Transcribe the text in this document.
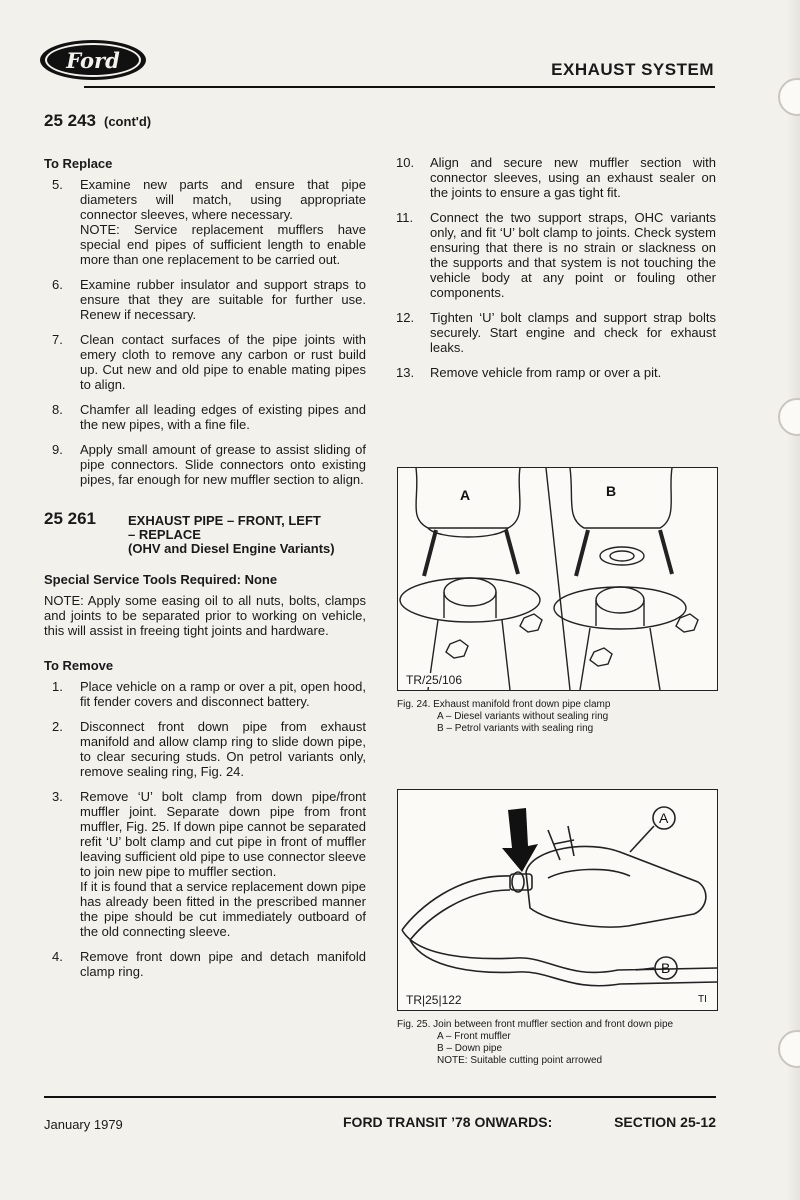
Ford	EXHAUST SYSTEM
25 243 (cont'd)
To Replace
5.	Examine new parts and ensure that pipe diameters will match, using appropriate connector sleeves, where necessary.

NOTE: Service replacement mufflers have special end pipes of sufficient length to enable more than one replacement to be carried out.

6.	Examine rubber insulator and support straps to ensure that they are suitable for further use. Renew if necessary.

7.	Clean contact surfaces of the pipe joints with emery cloth to remove any carbon or rust build up. Cut new and old pipe to enable mating pipes to align.

8.	Chamfer all leading edges of existing pipes and the new pipes, with a fine file.

9.	Apply small amount of grease to assist sliding of pipe connectors. Slide connectors onto existing pipes, far enough for new muffler section to align.

25 261	EXHAUST PIPE – FRONT, LEFT
– REPLACE
(OHV and Diesel Engine Variants)
Special Service Tools Required: None
NOTE: Apply some easing oil to all nuts, bolts, clamps and joints to be separated prior to working on vehicle, this will assist in freeing tight joints and hardware.
To Remove
1.	Place vehicle on a ramp or over a pit, open hood, fit fender covers and disconnect battery.

2.	Disconnect front down pipe from exhaust manifold and allow clamp ring to slide down pipe, to clear securing studs. On petrol variants only, remove sealing ring, Fig. 24.

3.	Remove ‘U’ bolt clamp from down pipe/front muffler joint. Separate down pipe from front muffler, Fig. 25. If down pipe cannot be separated refit ‘U’ bolt clamp and cut pipe in front of muffler leaving sufficient old pipe to use connector sleeve to join new pipe to muffler section.

If it is found that a service replacement down pipe has already been fitted in the prescribed manner the pipe should be cut immediately outboard of the old connecting sleeve.

4.	Remove front down pipe and detach manifold clamp ring.

10.	Align and secure new muffler section with connector sleeves, using an exhaust sealer on the joints to ensure a gas tight fit.

11.	Connect the two support straps, OHC variants only, and fit ‘U’ bolt clamp to joints. Check system ensuring that there is no strain or slackness on the supports and that system is not touching the vehicle body at any point or fouling other components.

12.	Tighten ‘U’ bolt clamps and support strap bolts securely. Start engine and check for exhaust leaks.

13.	Remove vehicle from ramp or over a pit.

A	B
TR/25/106
Fig. 24. Exhaust manifold front down pipe clamp
A – Diesel variants without sealing ring
B – Petrol variants with sealing ring
A
B
TI
TR|25|122
Fig. 25. Join between front muffler section and front down pipe
A – Front muffler
B – Down pipe
NOTE: Suitable cutting point arrowed
January 1979	FORD TRANSIT ’78 ONWARDS:	SECTION 25-12
